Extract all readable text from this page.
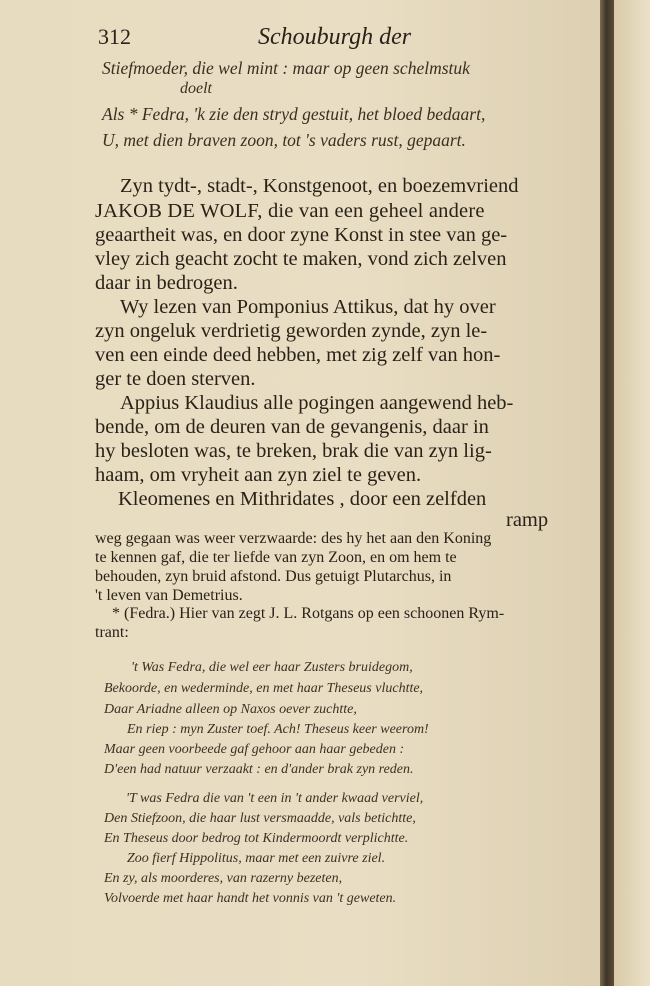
312	Schouburgh der
Stiefmoeder, die wel mint : maar op geen schelmstuk
doelt
Als * Fedra, 'k zie den stryd gestuit, het bloed bedaart,
U, met dien braven zoon, tot 's vaders rust, gepaart.
Zyn tydt-, stadt-, Konstgenoot, en boezemvriend
JAKOB DE WOLF, die van een geheel andere
geaartheit was, en door zyne Konst in stee van ge-
vley zich geacht zocht te maken, vond zich zelven
daar in bedrogen.
Wy lezen van Pomponius Attikus, dat hy over
zyn ongeluk verdrietig geworden zynde, zyn le-
ven een einde deed hebben, met zig zelf van hon-
ger te doen sterven.
Appius Klaudius alle pogingen aangewend heb-
bende, om de deuren van de gevangenis, daar in
hy besloten was, te breken, brak die van zyn lig-
haam, om vryheit aan zyn ziel te geven.
Kleomenes en Mithridates , door een zelfden
ramp
weg gegaan was weer verzwaarde: des hy het aan den Koning
te kennen gaf, die ter liefde van zyn Zoon, en om hem te
behouden, zyn bruid afstond. Dus getuigt Plutarchus, in
't leven van Demetrius.
* (Fedra.) Hier van zegt J. L. Rotgans op een schoonen Rym-
trant:
't Was Fedra, die wel eer haar Zusters bruidegom,
Bekoorde, en wederminde, en met haar Theseus vluchtte,
Daar Ariadne alleen op Naxos oever zuchtte,
En riep : myn Zuster toef. Ach! Theseus keer weerom!
Maar geen voorbeede gaf gehoor aan haar gebeden :
D'een had natuur verzaakt : en d'ander brak zyn reden.
'T was Fedra die van 't een in 't ander kwaad verviel,
Den Stiefzoon, die haar lust versmaadde, vals betichtte,
En Theseus door bedrog tot Kindermoordt verplichtte.
Zoo fierf Hippolitus, maar met een zuivre ziel.
En zy, als moorderes, van razerny bezeten,
Volvoerde met haar handt het vonnis van 't geweten.
